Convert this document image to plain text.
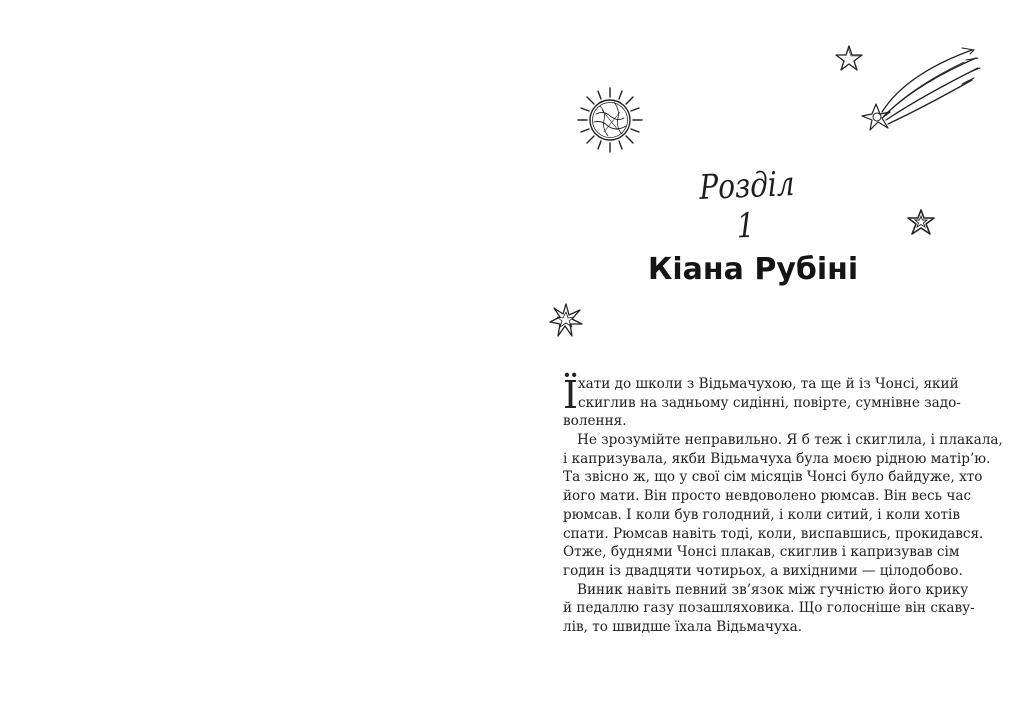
Розділ 1
Кіана Рубіні
Ї хати до школи з Відьмачухою, та ще й із Чонсі, який
скиглив на задньому сидінні, повірте, сумнівне задо-
волення.
Не зрозумійте неправильно. Я б теж і скиглила, і плакала,
і капризувала, якби Відьмачуха була моєю рідною матір’ю.
Та звісно ж, що у свої сім місяців Чонсі було байдуже, хто
його мати. Він просто невдоволено рюмсав. Він весь час
рюмсав. І коли був голодний, і коли ситий, і коли хотів
спати. Рюмсав навіть тоді, коли, виспавшись, прокидався.
Отже, буднями Чонсі плакав, скиглив і капризував сім
годин із двадцяти чотирьох, а вихідними — цілодобово.
Виник навіть певний зв’язок між гучністю його крику
й педаллю газу позашляховика. Що голосніше він скаву-
лів, то швидше їхала Відьмачуха.
